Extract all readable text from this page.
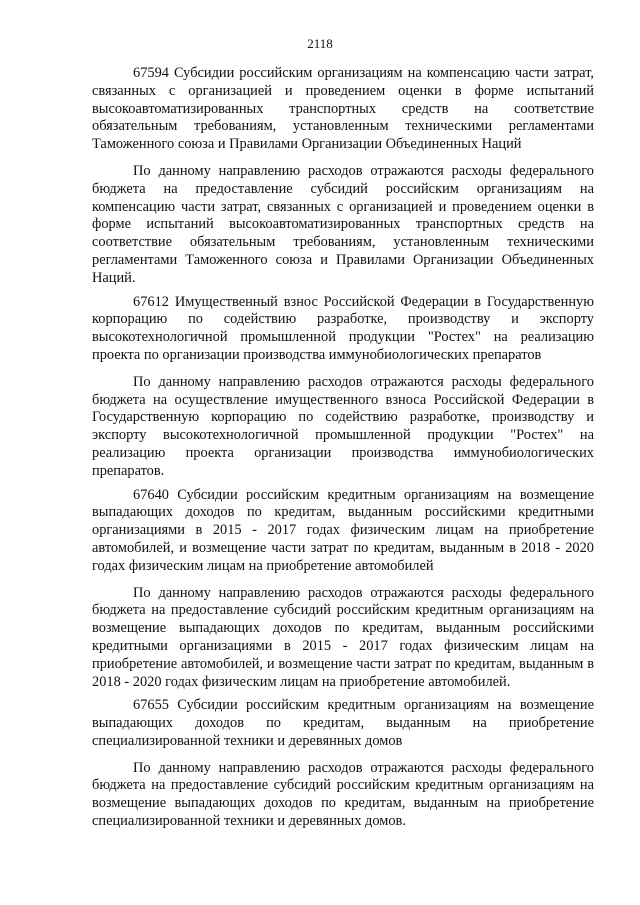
2118

67594 Субсидии российским организациям на компенсацию части затрат, связанных с организацией и проведением оценки в форме испытаний высокоавтоматизированных транспортных средств на соответствие обязательным требованиям, установленным техническими регламентами Таможенного союза и Правилами Организации Объединенных Наций

По данному направлению расходов отражаются расходы федерального бюджета на предоставление субсидий российским организациям на компенсацию части затрат, связанных с организацией и проведением оценки в форме испытаний высокоавтоматизированных транспортных средств на соответствие обязательным требованиям, установленным техническими регламентами Таможенного союза и Правилами Организации Объединенных Наций.

67612 Имущественный взнос Российской Федерации в Государственную корпорацию по содействию разработке, производству и экспорту высокотехнологичной промышленной продукции "Ростех" на реализацию проекта по организации производства иммунобиологических препаратов

По данному направлению расходов отражаются расходы федерального бюджета на осуществление имущественного взноса Российской Федерации в Государственную корпорацию по содействию разработке, производству и экспорту высокотехнологичной промышленной продукции "Ростех" на реализацию проекта организации производства иммунобиологических препаратов.

67640 Субсидии российским кредитным организациям на возмещение выпадающих доходов по кредитам, выданным российскими кредитными организациями в 2015 - 2017 годах физическим лицам на приобретение автомобилей, и возмещение части затрат по кредитам, выданным в 2018 - 2020 годах физическим лицам на приобретение автомобилей

По данному направлению расходов отражаются расходы федерального бюджета на предоставление субсидий российским кредитным организациям на возмещение выпадающих доходов по кредитам, выданным российскими кредитными организациями в 2015 - 2017 годах физическим лицам на приобретение автомобилей, и возмещение части затрат по кредитам, выданным в 2018 - 2020 годах физическим лицам на приобретение автомобилей.

67655 Субсидии российским кредитным организациям на возмещение выпадающих доходов по кредитам, выданным на приобретение специализированной техники и деревянных домов

По данному направлению расходов отражаются расходы федерального бюджета на предоставление субсидий российским кредитным организациям на возмещение выпадающих доходов по кредитам, выданным на приобретение специализированной техники и деревянных домов.
